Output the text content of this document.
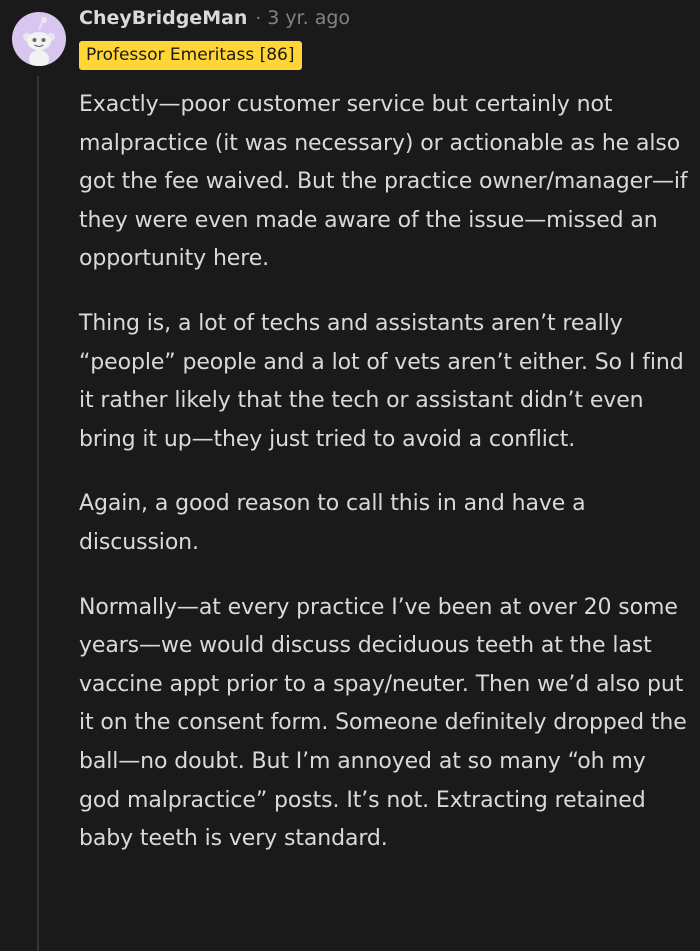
CheyBridgeMan · 3 yr. ago
Professor Emeritass [86]

Exactly—poor customer service but certainly not malpractice (it was necessary) or actionable as he also got the fee waived. But the practice owner/manager—if they were even made aware of the issue—missed an opportunity here.

Thing is, a lot of techs and assistants aren’t really “people” people and a lot of vets aren’t either. So I find it rather likely that the tech or assistant didn’t even bring it up—they just tried to avoid a conflict.

Again, a good reason to call this in and have a discussion.

Normally—at every practice I’ve been at over 20 some years—we would discuss deciduous teeth at the last vaccine appt prior to a spay/neuter. Then we’d also put it on the consent form. Someone definitely dropped the ball—no doubt. But I’m annoyed at so many “oh my god malpractice” posts. It’s not. Extracting retained baby teeth is very standard.
